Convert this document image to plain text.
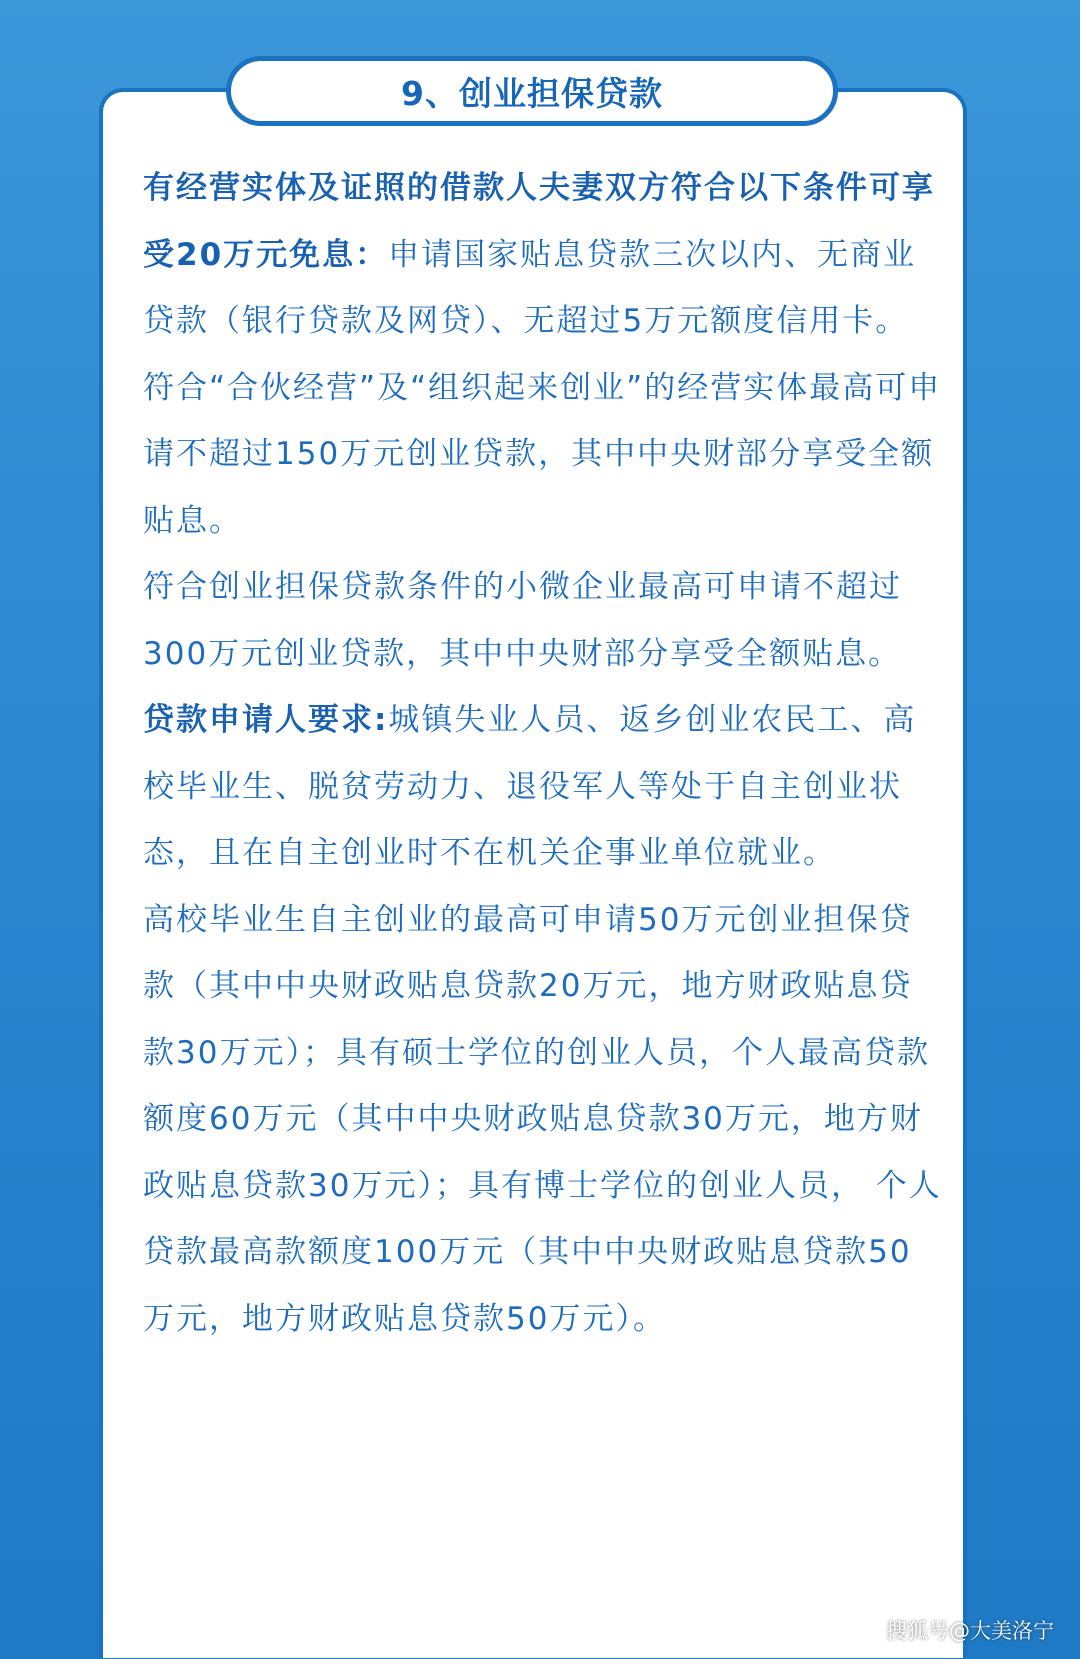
9、创业担保贷款

有经营实体及证照的借款人夫妻双方符合以下条件可享受20万元免息：申请国家贴息贷款三次以内、无商业贷款（银行贷款及网贷）、无超过5万元额度信用卡。

符合“合伙经营”及“组织起来创业”的经营实体最高可申请不超过150万元创业贷款，其中中央财部分享受全额贴息。

符合创业担保贷款条件的小微企业最高可申请不超过300万元创业贷款，其中中央财部分享受全额贴息。

贷款申请人要求:城镇失业人员、返乡创业农民工、高校毕业生、脱贫劳动力、退役军人等处于自主创业状态，且在自主创业时不在机关企事业单位就业。

高校毕业生自主创业的最高可申请50万元创业担保贷款（其中中央财政贴息贷款20万元，地方财政贴息贷款30万元）；具有硕士学位的创业人员，个人最高贷款额度60万元（其中中央财政贴息贷款30万元，地方财政贴息贷款30万元）；具有博士学位的创业人员， 个人贷款最高款额度100万元（其中中央财政贴息贷款50万元，地方财政贴息贷款50万元）。

搜狐号@大美洛宁
